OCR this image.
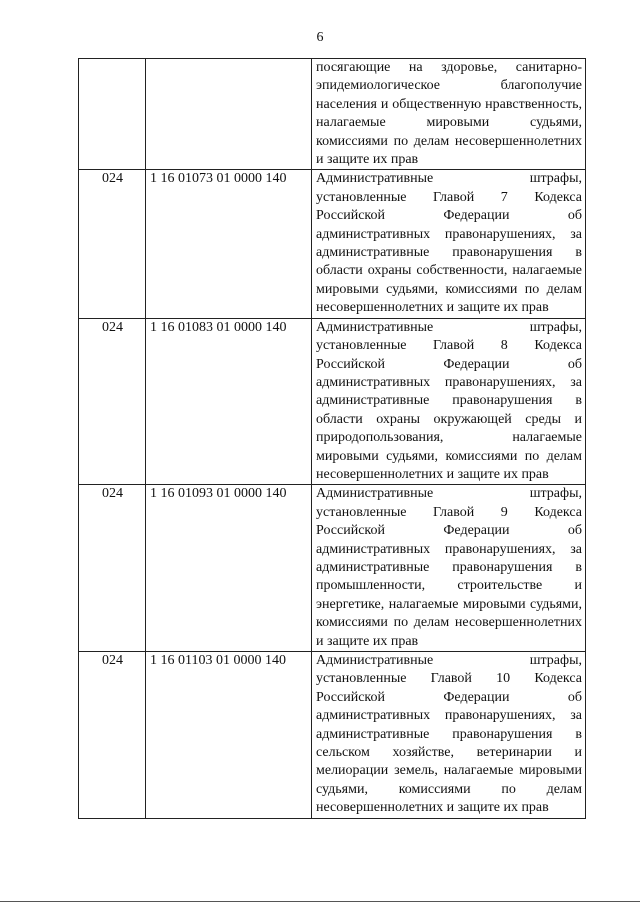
6
		посягающие на здоровье, санитарно-эпидемиологическое благополучие населения и общественную нравственность, налагаемые мировыми судьями, комиссиями по делам несовершеннолетних и защите их прав
024	1 16 01073 01 0000 140	Административные штрафы, установленные Главой 7 Кодекса Российской Федерации об административных правонарушениях, за административные правонарушения в области охраны собственности, налагаемые мировыми судьями, комиссиями по делам несовершеннолетних и защите их прав
024	1 16 01083 01 0000 140	Административные штрафы, установленные Главой 8 Кодекса Российской Федерации об административных правонарушениях, за административные правонарушения в области охраны окружающей среды и природопользования, налагаемые мировыми судьями, комиссиями по делам несовершеннолетних и защите их прав
024	1 16 01093 01 0000 140	Административные штрафы, установленные Главой 9 Кодекса Российской Федерации об административных правонарушениях, за административные правонарушения в промышленности, строительстве и энергетике, налагаемые мировыми судьями, комиссиями по делам несовершеннолетних и защите их прав
024	1 16 01103 01 0000 140	Административные штрафы, установленные Главой 10 Кодекса Российской Федерации об административных правонарушениях, за административные правонарушения в сельском хозяйстве, ветеринарии и мелиорации земель, налагаемые мировыми судьями, комиссиями по делам несовершеннолетних и защите их прав
